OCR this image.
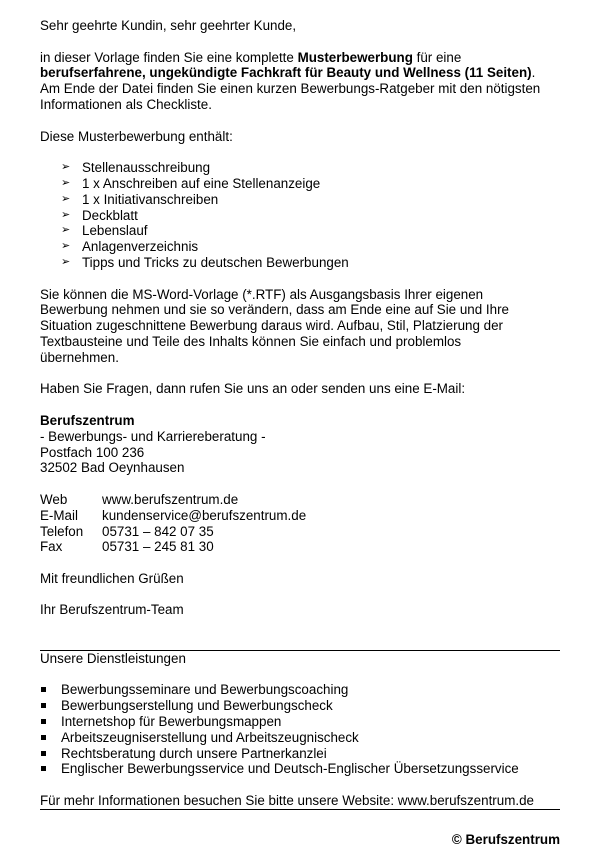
Sehr geehrte Kundin, sehr geehrter Kunde,

in dieser Vorlage finden Sie eine komplette Musterbewerbung für eine

berufserfahrene, ungekündigte Fachkraft für Beauty und Wellness (11 Seiten).

Am Ende der Datei finden Sie einen kurzen Bewerbungs-Ratgeber mit den nötigsten

Informationen als Checkliste.

Diese Musterbewerbung enthält:

➢ Stellenausschreibung
➢ 1 x Anschreiben auf eine Stellenanzeige
➢ 1 x Initiativanschreiben
➢ Deckblatt
➢ Lebenslauf
➢ Anlagenverzeichnis
➢ Tipps und Tricks zu deutschen Bewerbungen

Sie können die MS-Word-Vorlage (*.RTF) als Ausgangsbasis Ihrer eigenen

Bewerbung nehmen und sie so verändern, dass am Ende eine auf Sie und Ihre

Situation zugeschnittene Bewerbung daraus wird. Aufbau, Stil, Platzierung der

Textbausteine und Teile des Inhalts können Sie einfach und problemlos

übernehmen.

Haben Sie Fragen, dann rufen Sie uns an oder senden uns eine E-Mail:

Berufszentrum

- Bewerbungs- und Karriereberatung -

Postfach 100 236

32502 Bad Oeynhausen

Web	www.berufszentrum.de
E-Mail	kundenservice@berufszentrum.de
Telefon	05731 – 842 07 35
Fax	05731 – 245 81 30

Mit freundlichen Grüßen

Ihr Berufszentrum-Team

Unsere Dienstleistungen

Bewerbungsseminare und Bewerbungscoaching
Bewerbungserstellung und Bewerbungscheck
Internetshop für Bewerbungsmappen
Arbeitszeugniserstellung und Arbeitszeugnischeck
Rechtsberatung durch unsere Partnerkanzlei
Englischer Bewerbungsservice und Deutsch-Englischer Übersetzungsservice

Für mehr Informationen besuchen Sie bitte unsere Website: www.berufszentrum.de

© Berufszentrum
